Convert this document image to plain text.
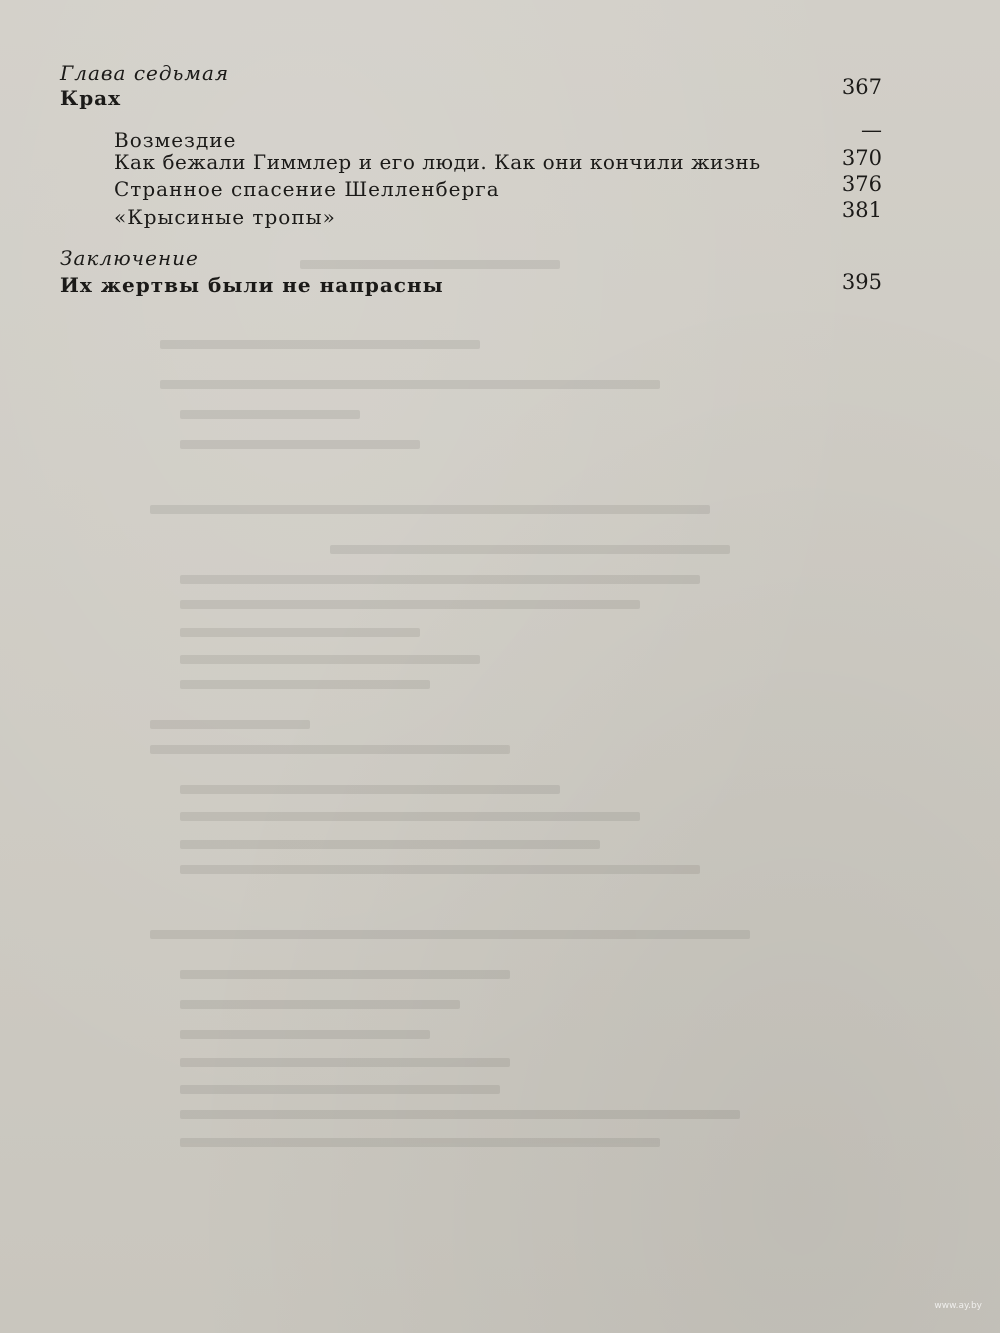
Глава седьмая
Крах	367
Возмездие	—
Как бежали Гиммлер и его люди. Как они кончили жизнь	370
Странное спасение Шелленберга	376
«Крысиные тропы»	381
Заключение
Их жертвы были не напрасны	395
www.ay.by
